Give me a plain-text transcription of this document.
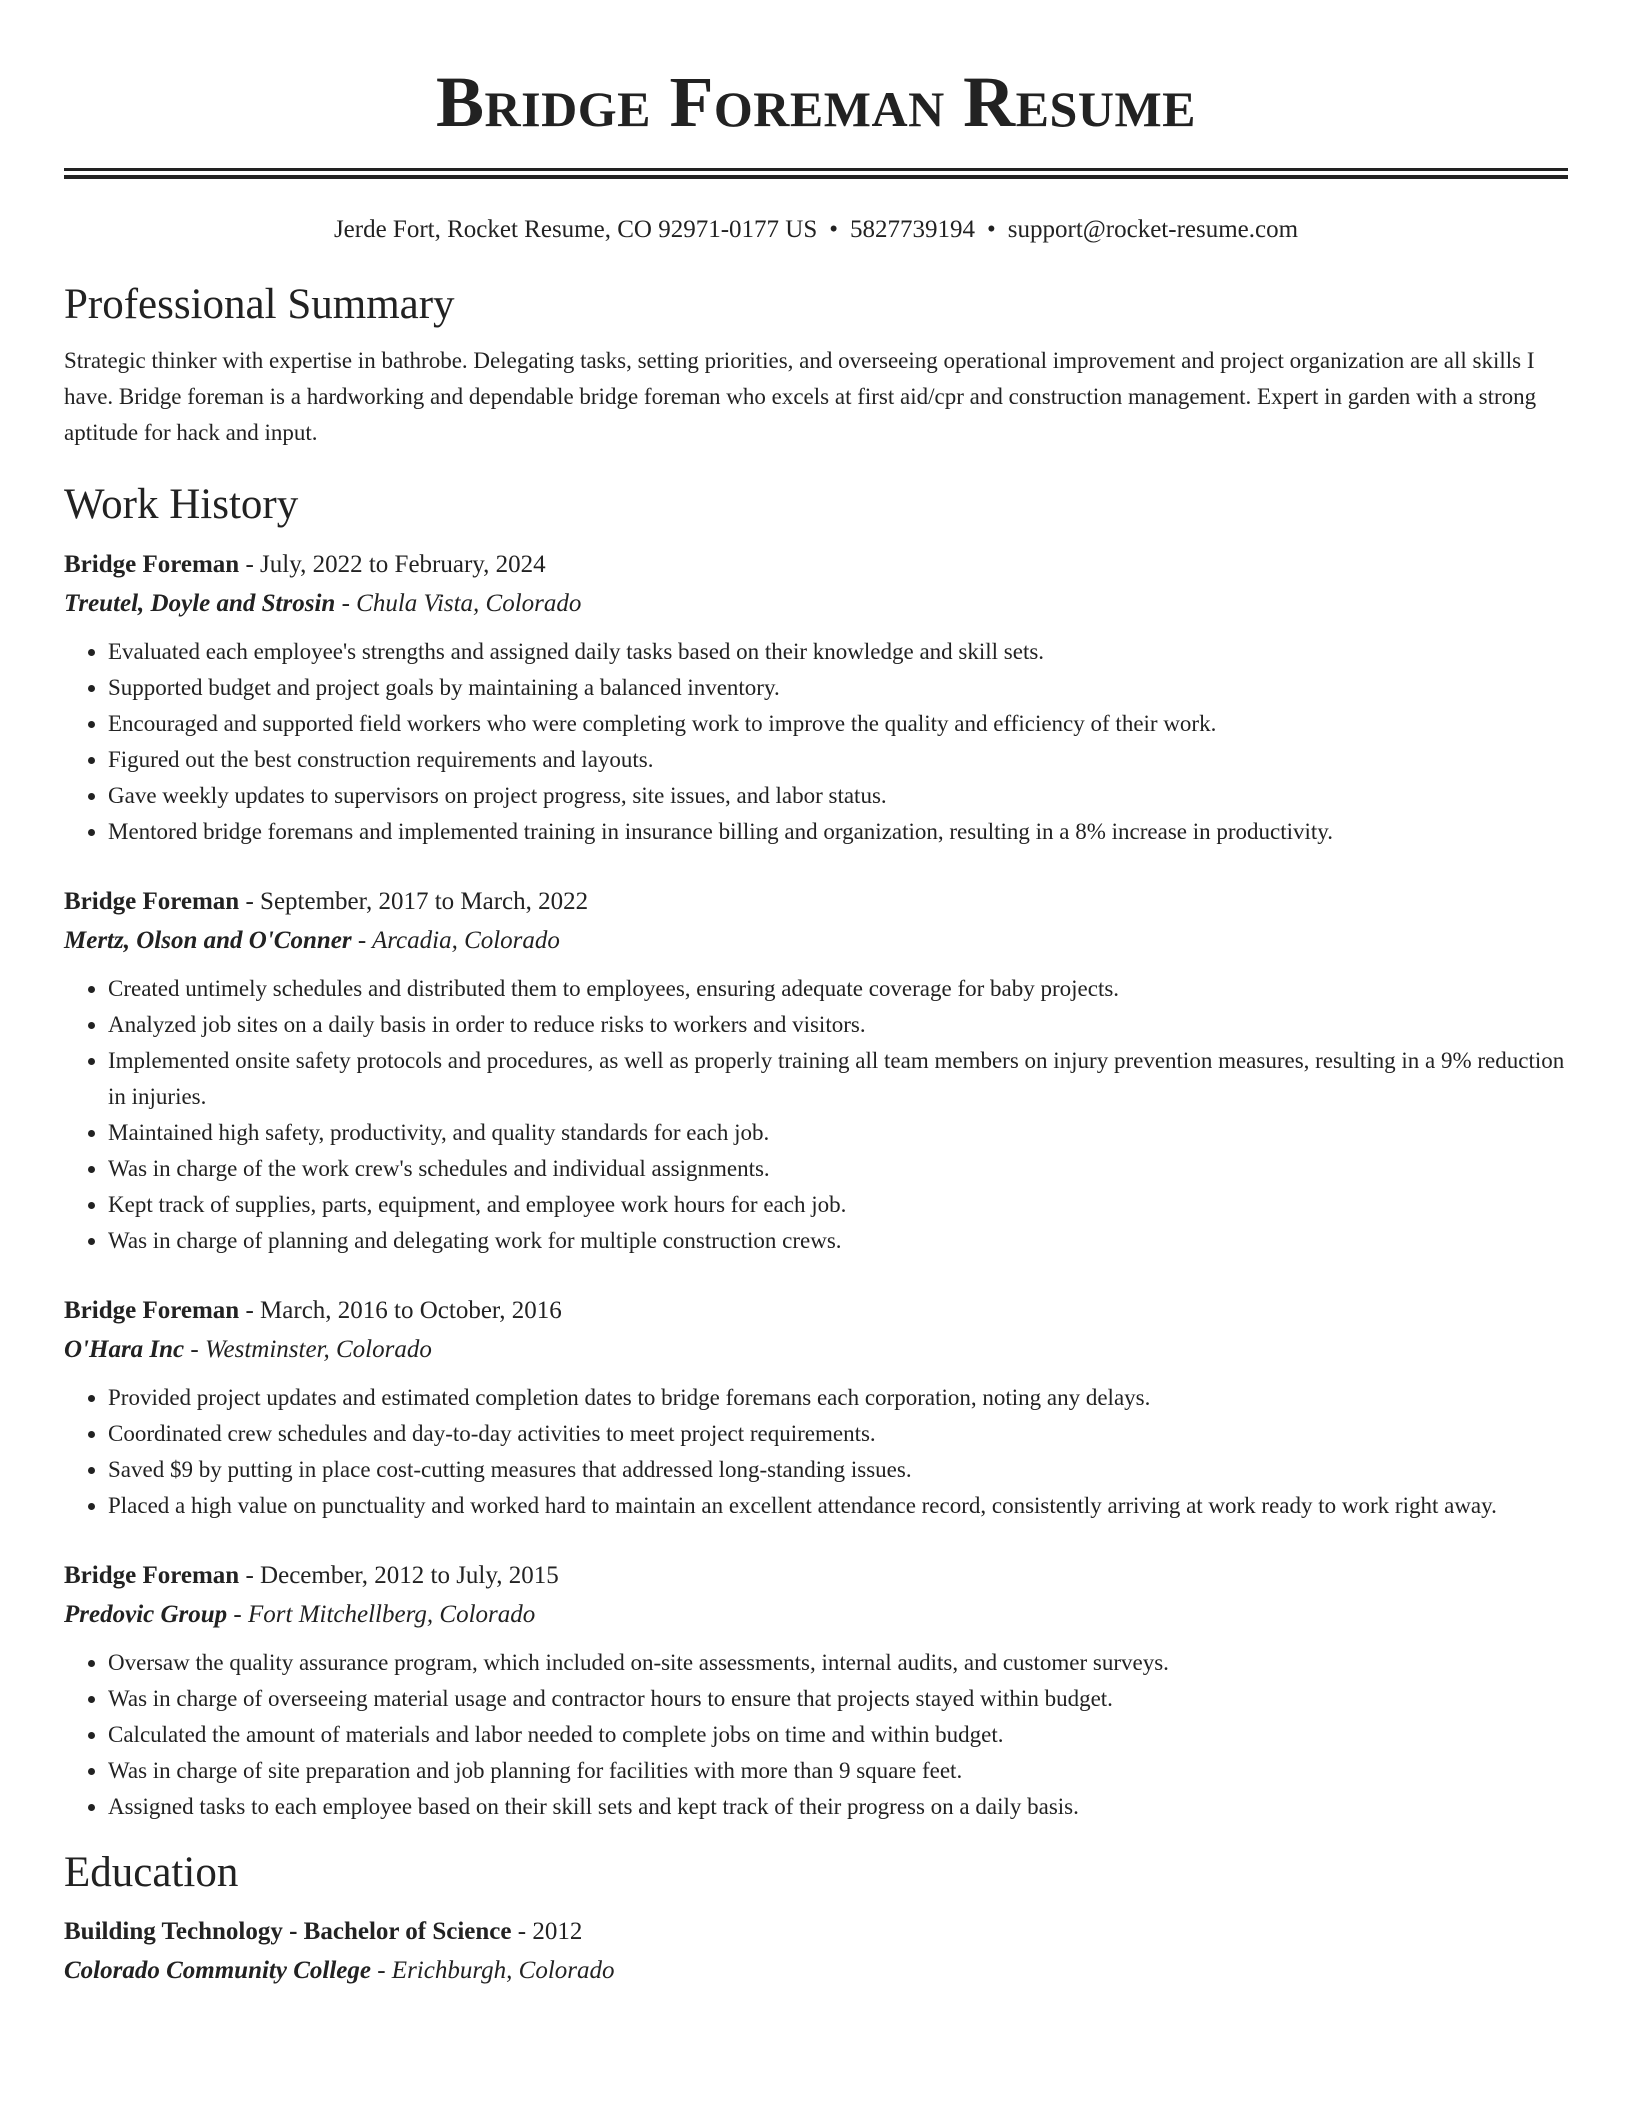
Bridge Foreman Resume
Jerde Fort, Rocket Resume, CO 92971-0177 US • 5827739194 • support@rocket-resume.com
Professional Summary

Strategic thinker with expertise in bathrobe. Delegating tasks, setting priorities, and overseeing operational improvement and project organization are all skills I have. Bridge foreman is a hardworking and dependable bridge foreman who excels at first aid/cpr and construction management. Expert in garden with a strong aptitude for hack and input.

Work History
Bridge Foreman - July, 2022 to February, 2024
Treutel, Doyle and Strosin - Chula Vista, Colorado
• Evaluated each employee's strengths and assigned daily tasks based on their knowledge and skill sets.
• Supported budget and project goals by maintaining a balanced inventory.
• Encouraged and supported field workers who were completing work to improve the quality and efficiency of their work.
• Figured out the best construction requirements and layouts.
• Gave weekly updates to supervisors on project progress, site issues, and labor status.
• Mentored bridge foremans and implemented training in insurance billing and organization, resulting in a 8% increase in productivity.
Bridge Foreman - September, 2017 to March, 2022
Mertz, Olson and O'Conner - Arcadia, Colorado
• Created untimely schedules and distributed them to employees, ensuring adequate coverage for baby projects.
• Analyzed job sites on a daily basis in order to reduce risks to workers and visitors.
• Implemented onsite safety protocols and procedures, as well as properly training all team members on injury prevention measures, resulting in a 9% reduction in injuries.
• Maintained high safety, productivity, and quality standards for each job.
• Was in charge of the work crew's schedules and individual assignments.
• Kept track of supplies, parts, equipment, and employee work hours for each job.
• Was in charge of planning and delegating work for multiple construction crews.
Bridge Foreman - March, 2016 to October, 2016
O'Hara Inc - Westminster, Colorado
• Provided project updates and estimated completion dates to bridge foremans each corporation, noting any delays.
• Coordinated crew schedules and day-to-day activities to meet project requirements.
• Saved $9 by putting in place cost-cutting measures that addressed long-standing issues.
• Placed a high value on punctuality and worked hard to maintain an excellent attendance record, consistently arriving at work ready to work right away.
Bridge Foreman - December, 2012 to July, 2015
Predovic Group - Fort Mitchellberg, Colorado
• Oversaw the quality assurance program, which included on-site assessments, internal audits, and customer surveys.
• Was in charge of overseeing material usage and contractor hours to ensure that projects stayed within budget.
• Calculated the amount of materials and labor needed to complete jobs on time and within budget.
• Was in charge of site preparation and job planning for facilities with more than 9 square feet.
• Assigned tasks to each employee based on their skill sets and kept track of their progress on a daily basis.
Education
Building Technology - Bachelor of Science - 2012
Colorado Community College - Erichburgh, Colorado
